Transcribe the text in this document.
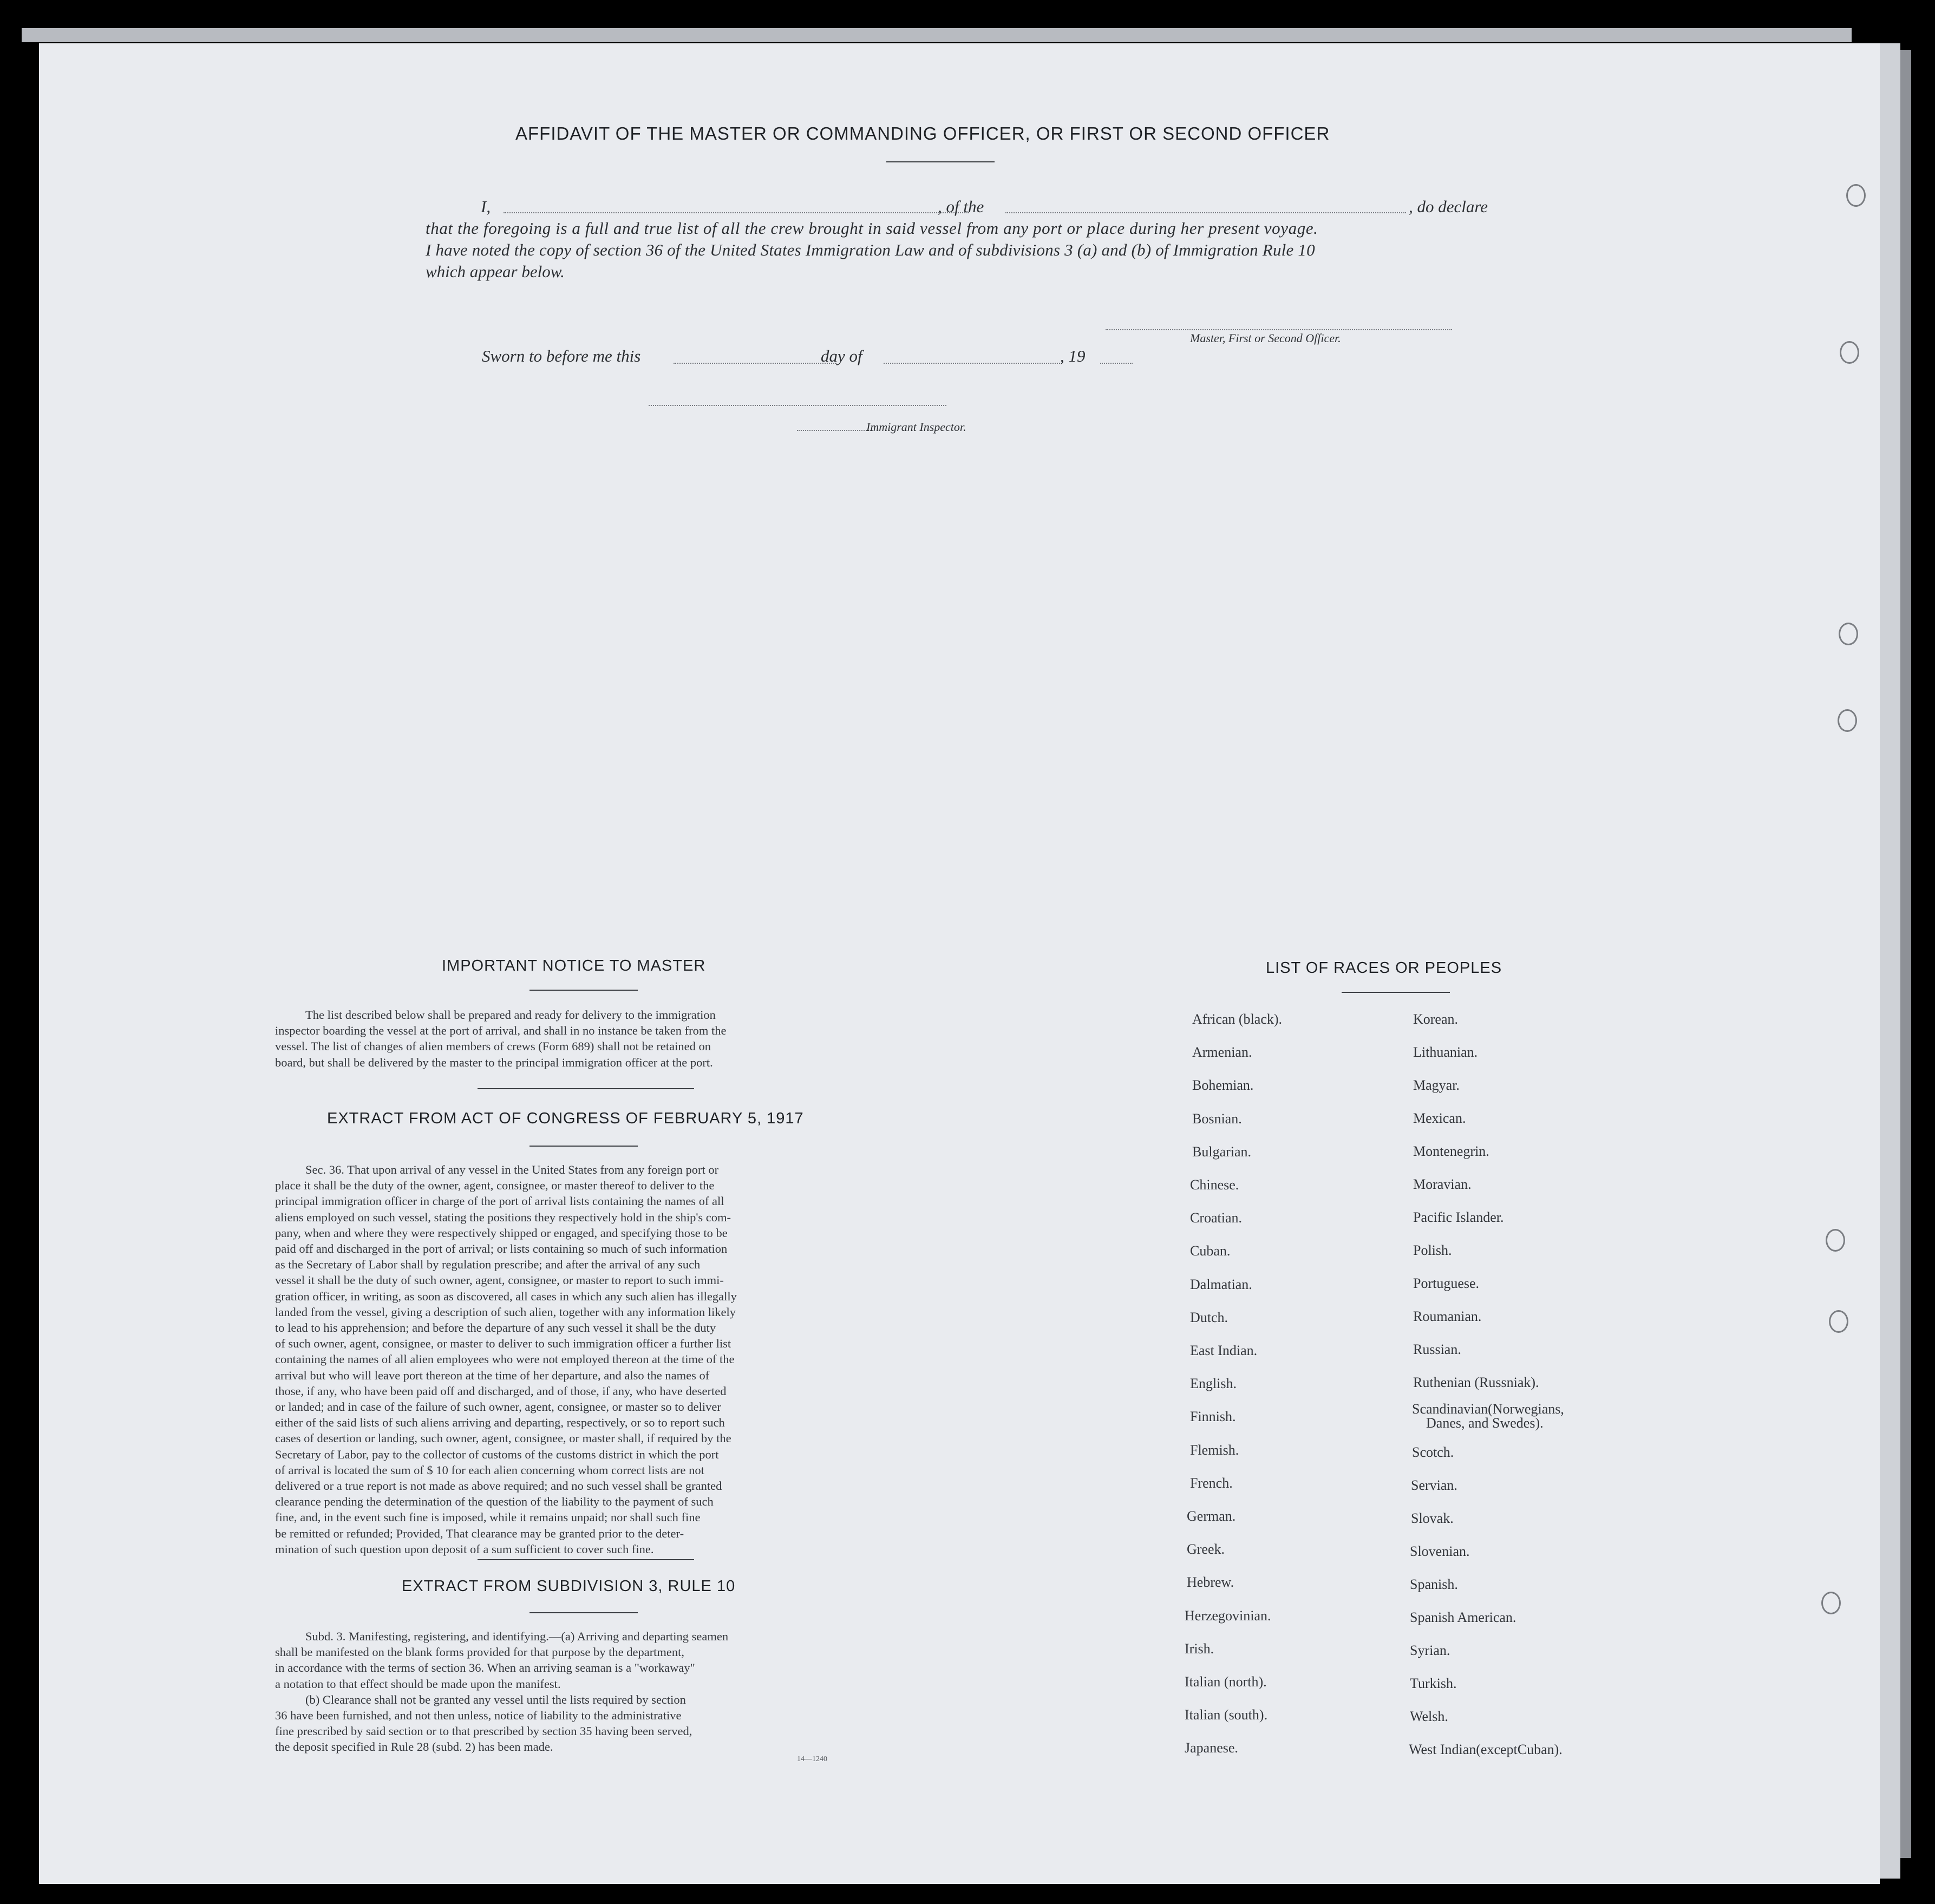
AFFIDAVIT OF THE MASTER OR COMMANDING OFFICER, OR FIRST OR SECOND OFFICER
I,	, of the	, do declare
that the foregoing is a full and true list of all the crew brought in said vessel from any port or place during her present voyage.
I have noted the copy of section 36 of the United States Immigration Law and of subdivisions 3 (a) and (b) of Immigration Rule 10
which appear below.
Master, First or Second Officer.
Sworn to before me this	day of	, 19
Immigrant Inspector.
IMPORTANT NOTICE TO MASTER
The list described below shall be prepared and ready for delivery to the immigration
inspector boarding the vessel at the port of arrival, and shall in no instance be taken from the
vessel. The list of changes of alien members of crews (Form 689) shall not be retained on
board, but shall be delivered by the master to the principal immigration officer at the port.
EXTRACT FROM ACT OF CONGRESS OF FEBRUARY 5, 1917
Sec. 36. That upon arrival of any vessel in the United States from any foreign port or
place it shall be the duty of the owner, agent, consignee, or master thereof to deliver to the
principal immigration officer in charge of the port of arrival lists containing the names of all
aliens employed on such vessel, stating the positions they respectively hold in the ship's com-
pany, when and where they were respectively shipped or engaged, and specifying those to be
paid off and discharged in the port of arrival; or lists containing so much of such information
as the Secretary of Labor shall by regulation prescribe; and after the arrival of any such
vessel it shall be the duty of such owner, agent, consignee, or master to report to such immi-
gration officer, in writing, as soon as discovered, all cases in which any such alien has illegally
landed from the vessel, giving a description of such alien, together with any information likely
to lead to his apprehension; and before the departure of any such vessel it shall be the duty
of such owner, agent, consignee, or master to deliver to such immigration officer a further list
containing the names of all alien employees who were not employed thereon at the time of the
arrival but who will leave port thereon at the time of her departure, and also the names of
those, if any, who have been paid off and discharged, and of those, if any, who have deserted
or landed; and in case of the failure of such owner, agent, consignee, or master so to deliver
either of the said lists of such aliens arriving and departing, respectively, or so to report such
cases of desertion or landing, such owner, agent, consignee, or master shall, if required by the
Secretary of Labor, pay to the collector of customs of the customs district in which the port
of arrival is located the sum of $ 10 for each alien concerning whom correct lists are not
delivered or a true report is not made as above required; and no such vessel shall be granted
clearance pending the determination of the question of the liability to the payment of such
fine, and, in the event such fine is imposed, while it remains unpaid; nor shall such fine
be remitted or refunded; Provided, That clearance may be granted prior to the deter-
mination of such question upon deposit of a sum sufficient to cover such fine.
EXTRACT FROM SUBDIVISION 3, RULE 10
Subd. 3. Manifesting, registering, and identifying.—(a) Arriving and departing seamen
shall be manifested on the blank forms provided for that purpose by the department,
in accordance with the terms of section 36. When an arriving seaman is a "workaway"
a notation to that effect should be made upon the manifest.
(b) Clearance shall not be granted any vessel until the lists required by section
36 have been furnished, and not then unless, notice of liability to the administrative
fine prescribed by said section or to that prescribed by section 35 having been served,
the deposit specified in Rule 28 (subd. 2) has been made.
14—1240
LIST OF RACES OR PEOPLES
African (black).
Armenian.
Bohemian.
Bosnian.
Bulgarian.
Chinese.
Croatian.
Cuban.
Dalmatian.
Dutch.
East Indian.
English.
Finnish.
Flemish.
French.
German.
Greek.
Hebrew.
Herzegovinian.
Irish.
Italian (north).
Italian (south).
Japanese.
Korean.
Lithuanian.
Magyar.
Mexican.
Montenegrin.
Moravian.
Pacific Islander.
Polish.
Portuguese.
Roumanian.
Russian.
Ruthenian (Russniak).
Scandinavian(Norwegians,
Danes, and Swedes).
Scotch.
Servian.
Slovak.
Slovenian.
Spanish.
Spanish American.
Syrian.
Turkish.
Welsh.
West Indian(exceptCuban).
